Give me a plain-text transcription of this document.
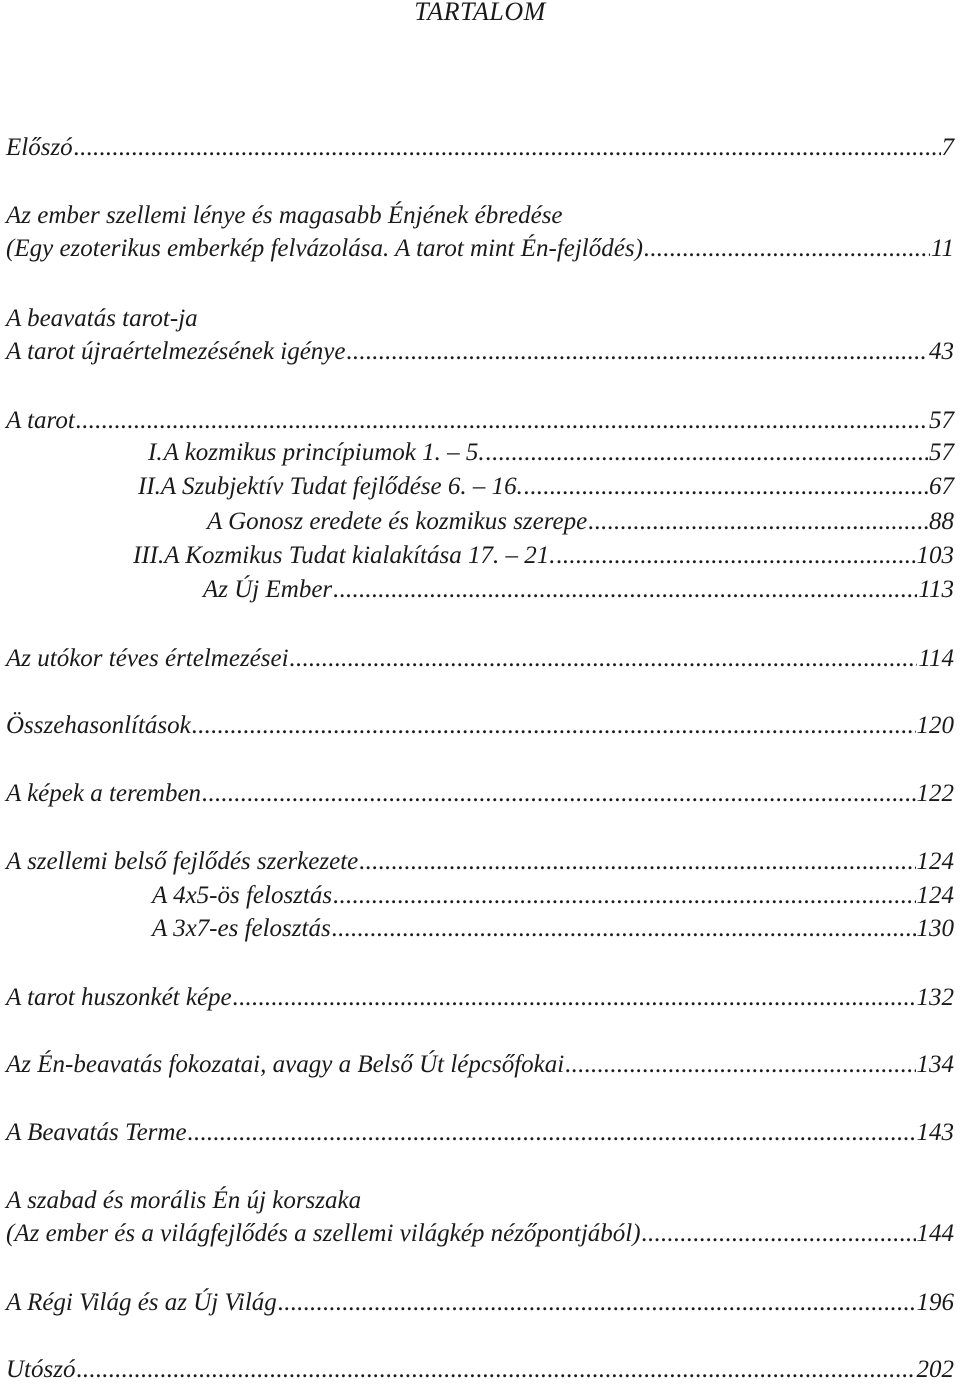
TARTALOM
Előszó .....	7
Az ember szellemi lénye és magasabb Énjének ébredése
(Egy ezoterikus emberkép felvázolása. A tarot mint Én-fejlődés) .....	11
A beavatás tarot-ja
A tarot újraértelmezésének igénye .....	43
A tarot .....	57
I. A kozmikus princípiumok 1. – 5. .....	57
II. A Szubjektív Tudat fejlődése 6. – 16. .....	67
A Gonosz eredete és kozmikus szerepe .....	88
III. A Kozmikus Tudat kialakítása 17. – 21. .....	103
Az Új Ember .....	113
Az utókor téves értelmezései .....	114
Összehasonlítások .....	120
A képek a teremben .....	122
A szellemi belső fejlődés szerkezete .....	124
A 4x5-ös felosztás .....	124
A 3x7-es felosztás .....	130
A tarot huszonkét képe .....	132
Az Én-beavatás fokozatai, avagy a Belső Út lépcsőfokai .....	134
A Beavatás Terme .....	143
A szabad és morális Én új korszaka
(Az ember és a világfejlődés a szellemi világkép nézőpontjából) .....	144
A Régi Világ és az Új Világ .....	196
Utószó .....	202
